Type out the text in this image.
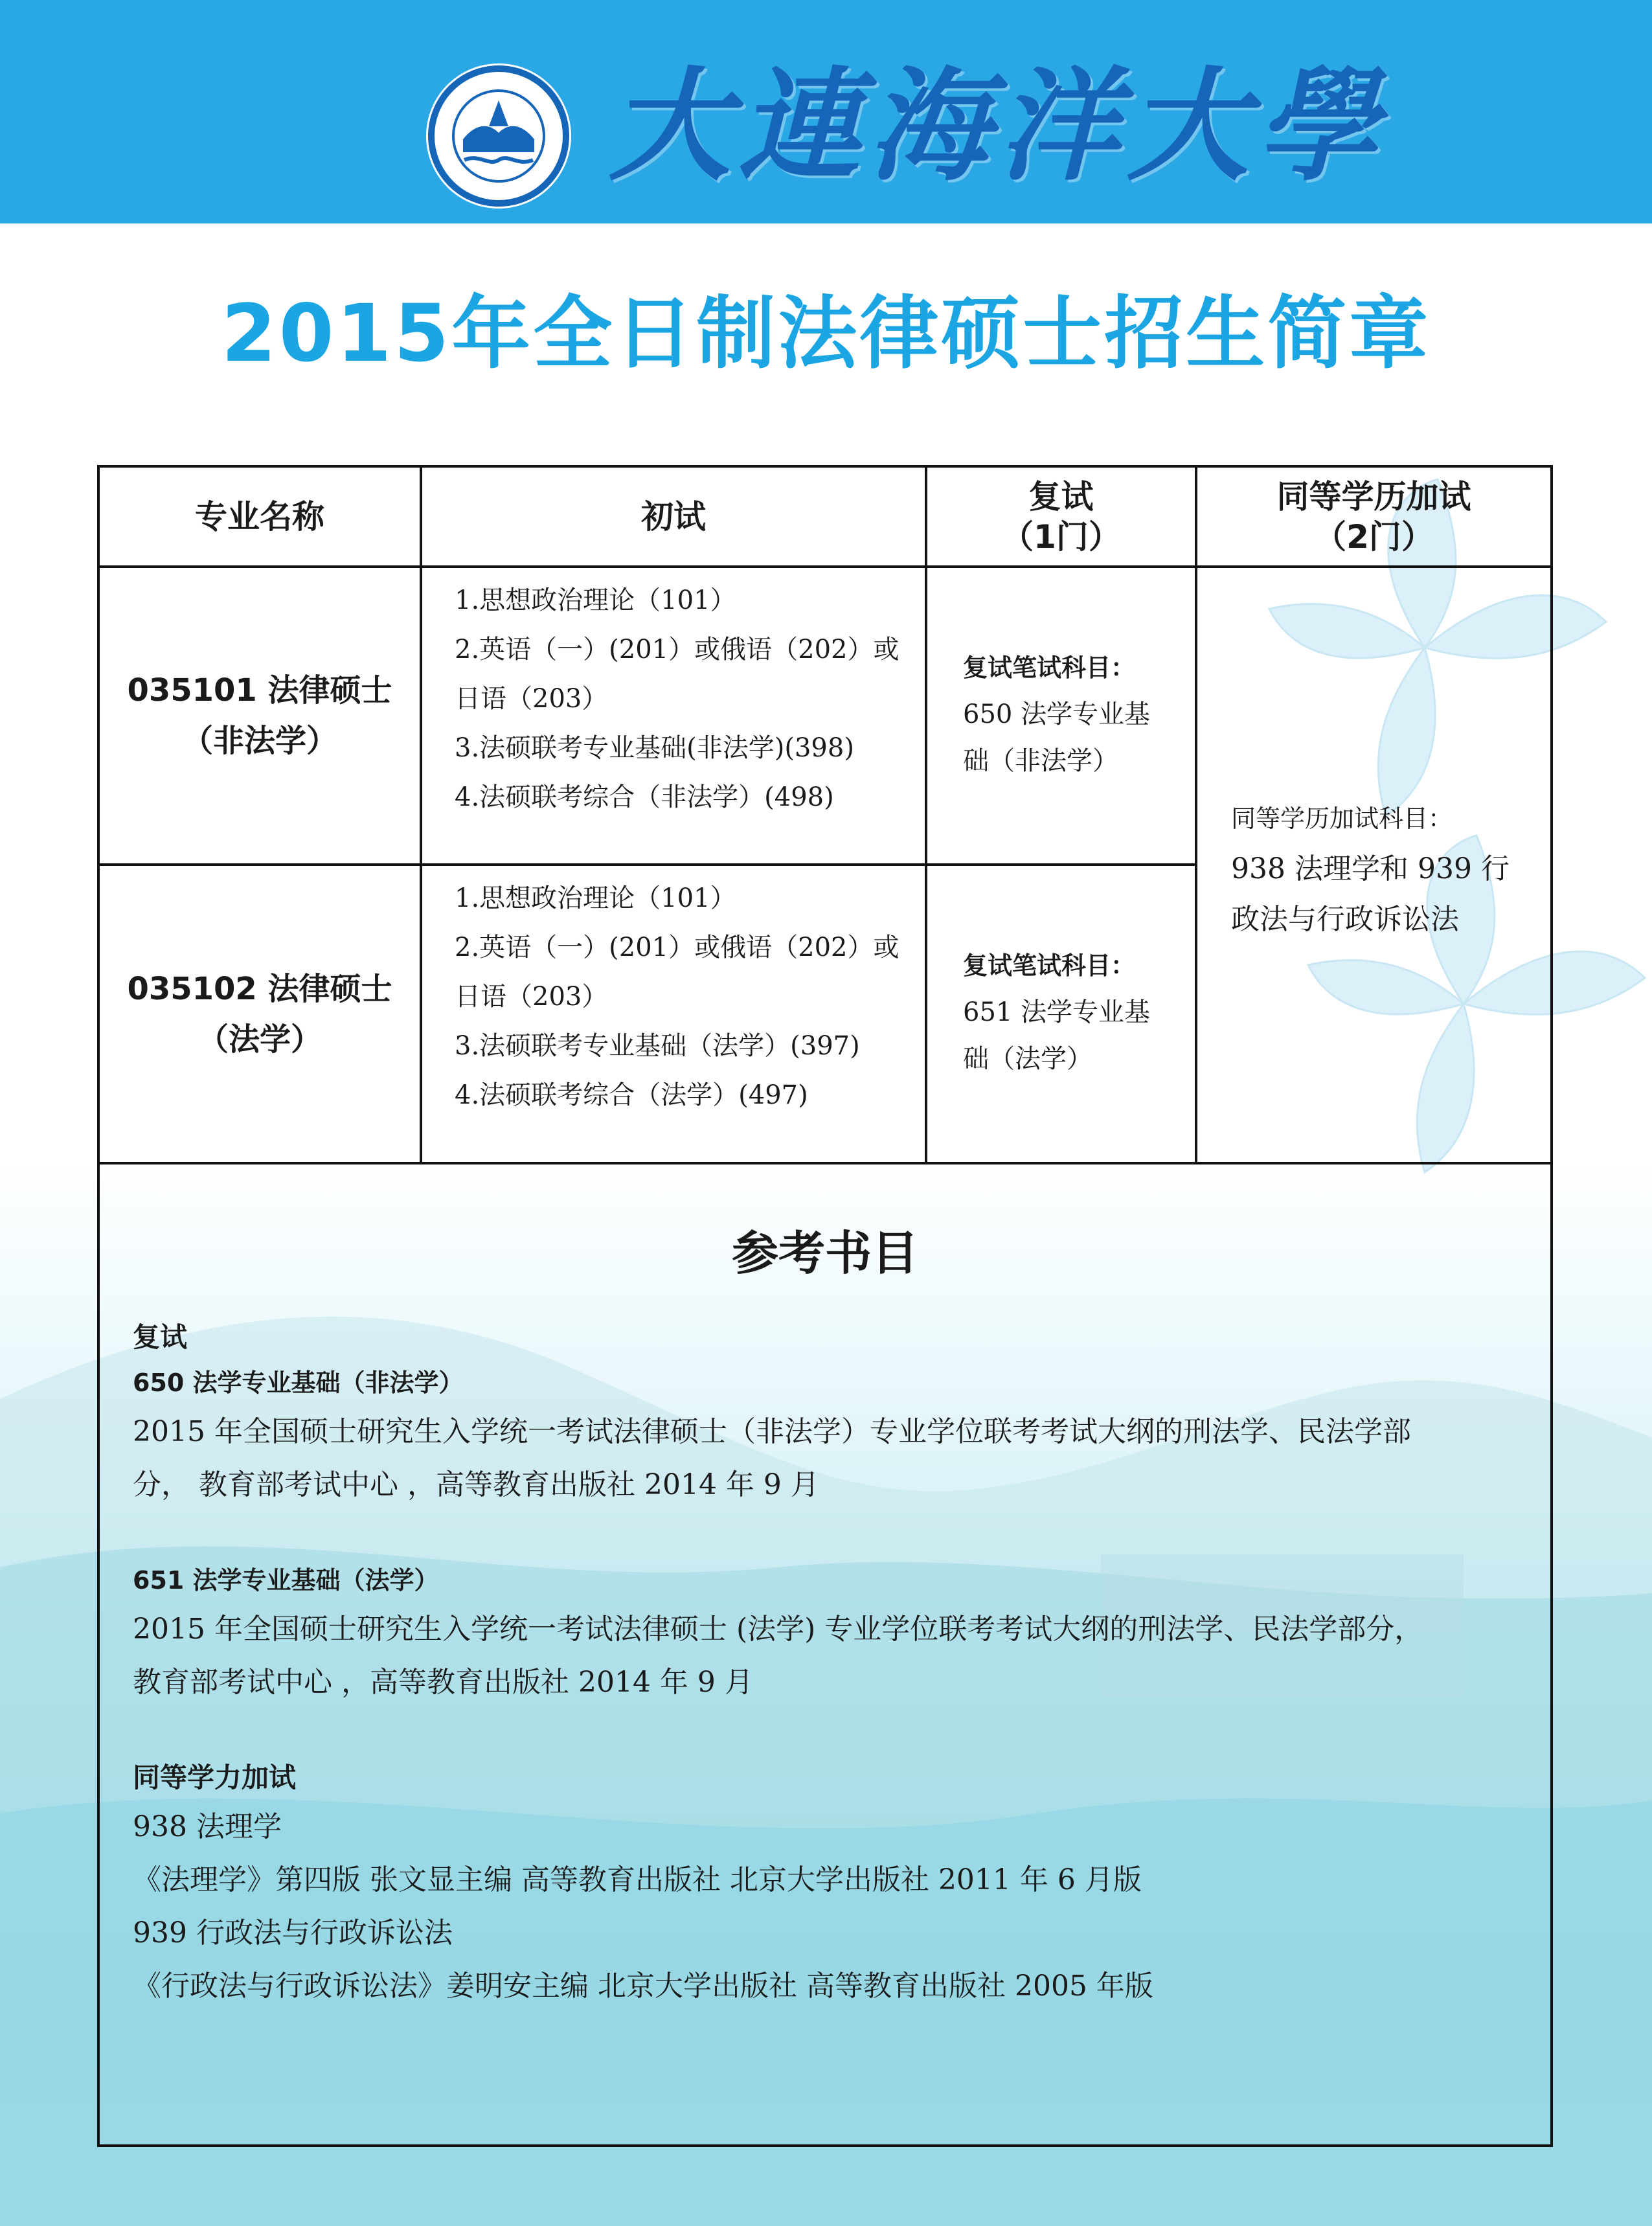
大連海洋大學
2015年全日制法律硕士招生简章
专业名称	初试
复试
（1门）
同等学历加试
（2门）
035101 法律硕士
（非法学）
1.思想政治理论（101）
2.英语（一）(201）或俄语（202）或
日语（203）
3.法硕联考专业基础(非法学)(398)
4.法硕联考综合（非法学）(498)
复试笔试科目：
650 法学专业基
础（非法学）
035102 法律硕士
（法学）
1.思想政治理论（101）
2.英语（一）(201）或俄语（202）或
日语（203）
3.法硕联考专业基础（法学）(397)
4.法硕联考综合（法学）(497)
复试笔试科目：
651 法学专业基
础（法学）
同等学历加试科目：
938 法理学和 939 行
政法与行政诉讼法
参考书目
复试
650 法学专业基础（非法学）
2015 年全国硕士研究生入学统一考试法律硕士（非法学）专业学位联考考试大纲的刑法学、民法学部
分， 教育部考试中心 ，高等教育出版社 2014 年 9 月
651 法学专业基础（法学）
2015 年全国硕士研究生入学统一考试法律硕士 (法学) 专业学位联考考试大纲的刑法学、民法学部分，
教育部考试中心 ，高等教育出版社 2014 年 9 月
同等学力加试
938 法理学
《法理学》第四版 张文显主编 高等教育出版社 北京大学出版社 2011 年 6 月版
939 行政法与行政诉讼法
《行政法与行政诉讼法》姜明安主编 北京大学出版社 高等教育出版社 2005 年版
